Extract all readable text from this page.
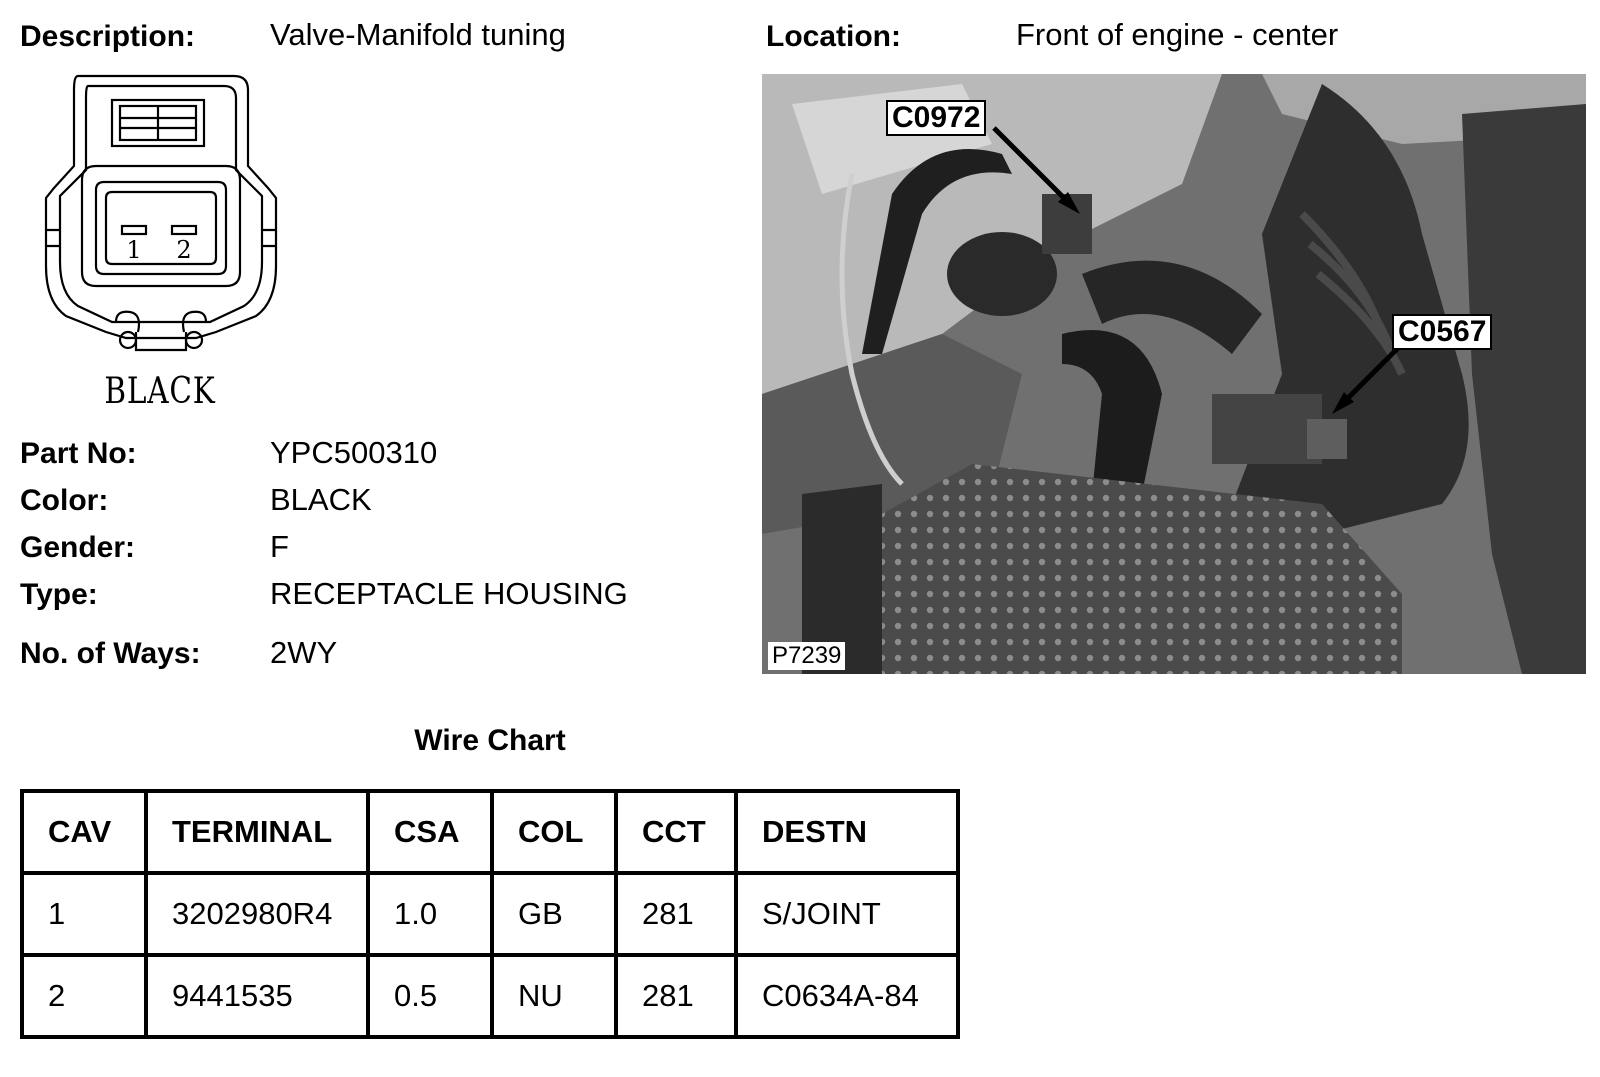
Description: Valve-Manifold tuning	Location:	Front of engine - center
1 2
BLACK
Part No:	YPC500310
Color:	BLACK
Gender:	F
Type:	RECEPTACLE HOUSING
No. of Ways: 2WY
C0972
C0567
P7239
Wire Chart
CAV	TERMINAL	CSA	COL	CCT	DESTN
1	3202980R4	1.0	GB	281	S/JOINT
2	9441535	0.5	NU	281	C0634A-84
